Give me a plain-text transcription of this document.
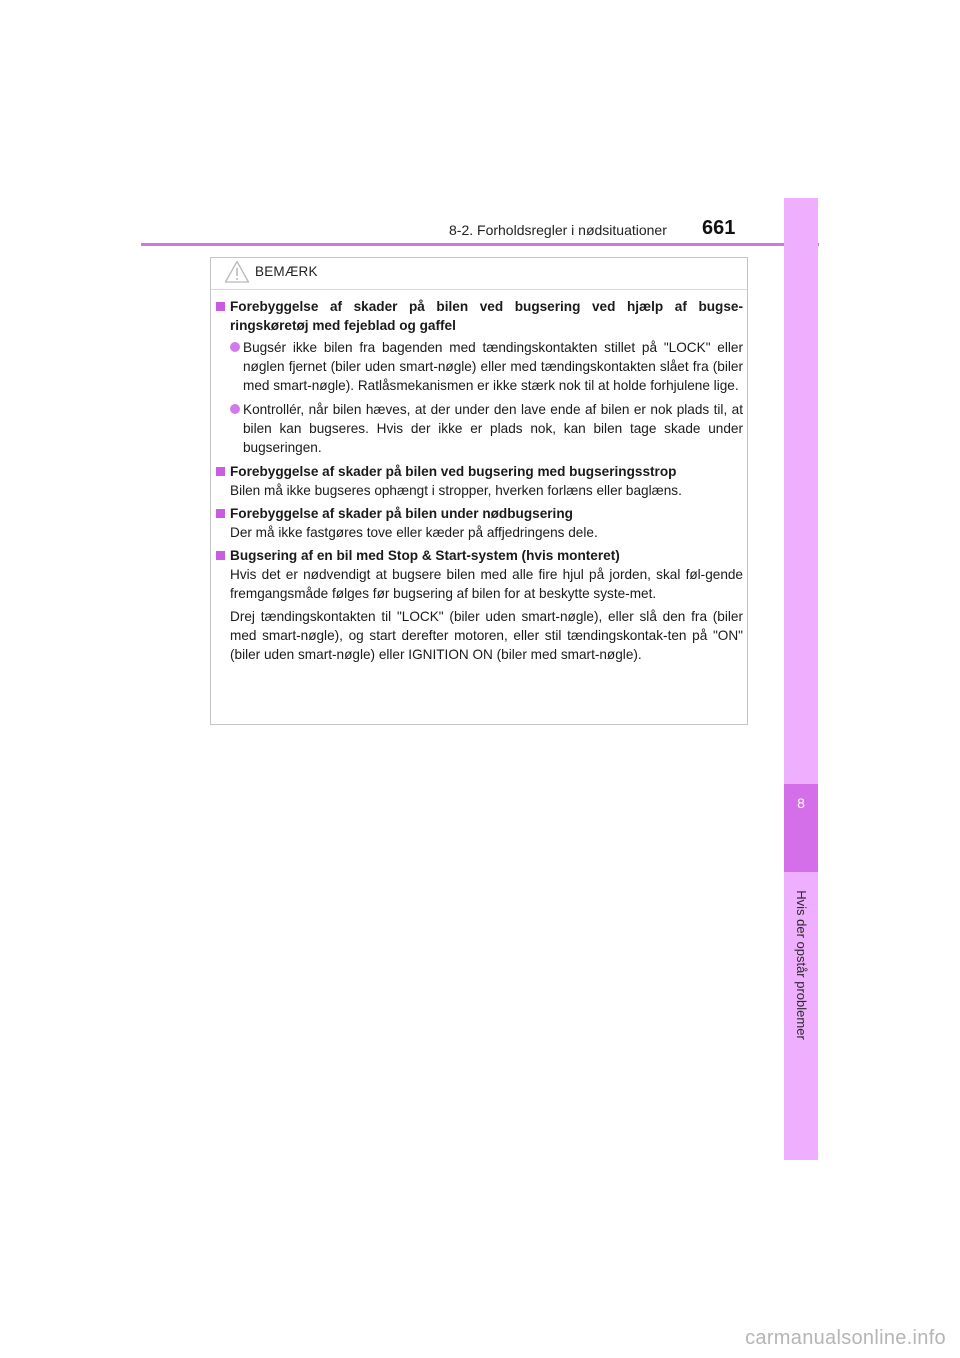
8-2. Forholdsregler i nødsituationer 661
8
Hvis der opstår problemer
BEMÆRK
Forebyggelse af skader på bilen ved bugsering ved hjælp af bugse-ringskøretøj med fejeblad og gaffel
Bugsér ikke bilen fra bagenden med tændingskontakten stillet på "LOCK" eller nøglen fjernet (biler uden smart-nøgle) eller med tændingskontakten slået fra (biler med smart-nøgle). Ratlåsmekanismen er ikke stærk nok til at holde forhjulene lige.
Kontrollér, når bilen hæves, at der under den lave ende af bilen er nok plads til, at bilen kan bugseres. Hvis der ikke er plads nok, kan bilen tage skade under bugseringen.
Forebyggelse af skader på bilen ved bugsering med bugseringsstrop
Bilen må ikke bugseres ophængt i stropper, hverken forlæns eller baglæns.
Forebyggelse af skader på bilen under nødbugsering
Der må ikke fastgøres tove eller kæder på affjedringens dele.
Bugsering af en bil med Stop & Start-system (hvis monteret)
Hvis det er nødvendigt at bugsere bilen med alle fire hjul på jorden, skal føl-gende fremgangsmåde følges før bugsering af bilen for at beskytte syste-met.
Drej tændingskontakten til "LOCK" (biler uden smart-nøgle), eller slå den fra (biler med smart-nøgle), og start derefter motoren, eller stil tændingskontak-ten på "ON" (biler uden smart-nøgle) eller IGNITION ON (biler med smart-nøgle).
carmanualsonline.info
